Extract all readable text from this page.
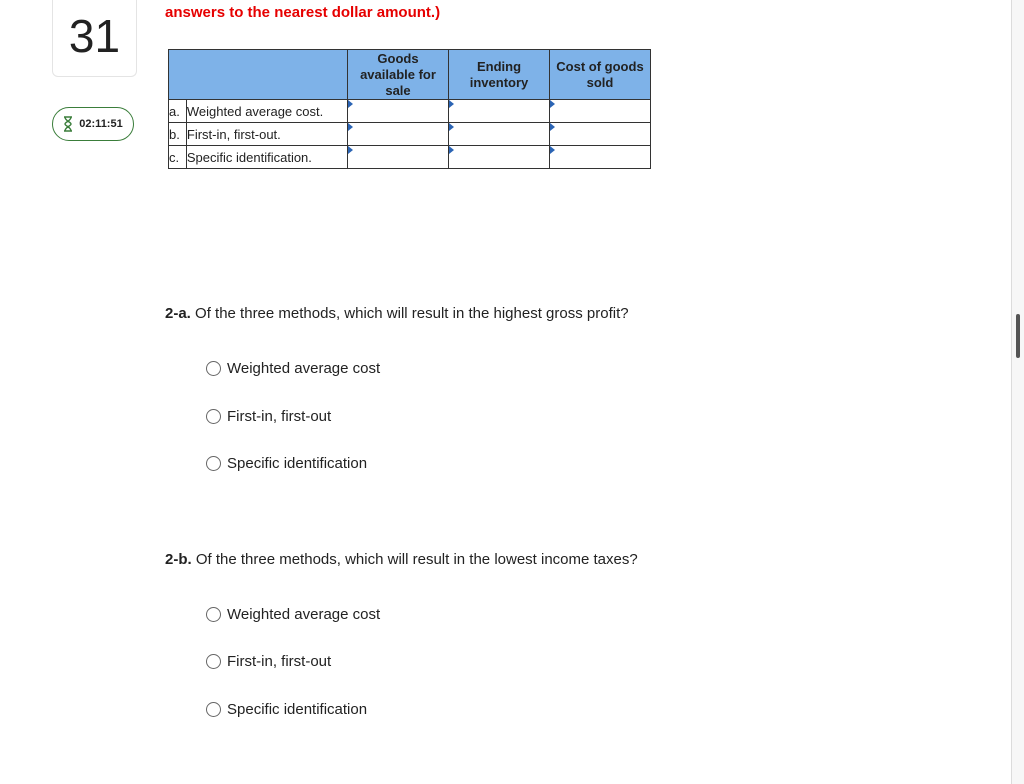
31
02:11:51
answers to the nearest dollar amount.)
		Goods available for sale	Ending inventory	Cost of goods sold
a.	Weighted average cost.			
b.	First-in, first-out.			
c.	Specific identification.			
2-a. Of the three methods, which will result in the highest gross profit?
Weighted average cost
First-in, first-out
Specific identification
2-b. Of the three methods, which will result in the lowest income taxes?
Weighted average cost
First-in, first-out
Specific identification
